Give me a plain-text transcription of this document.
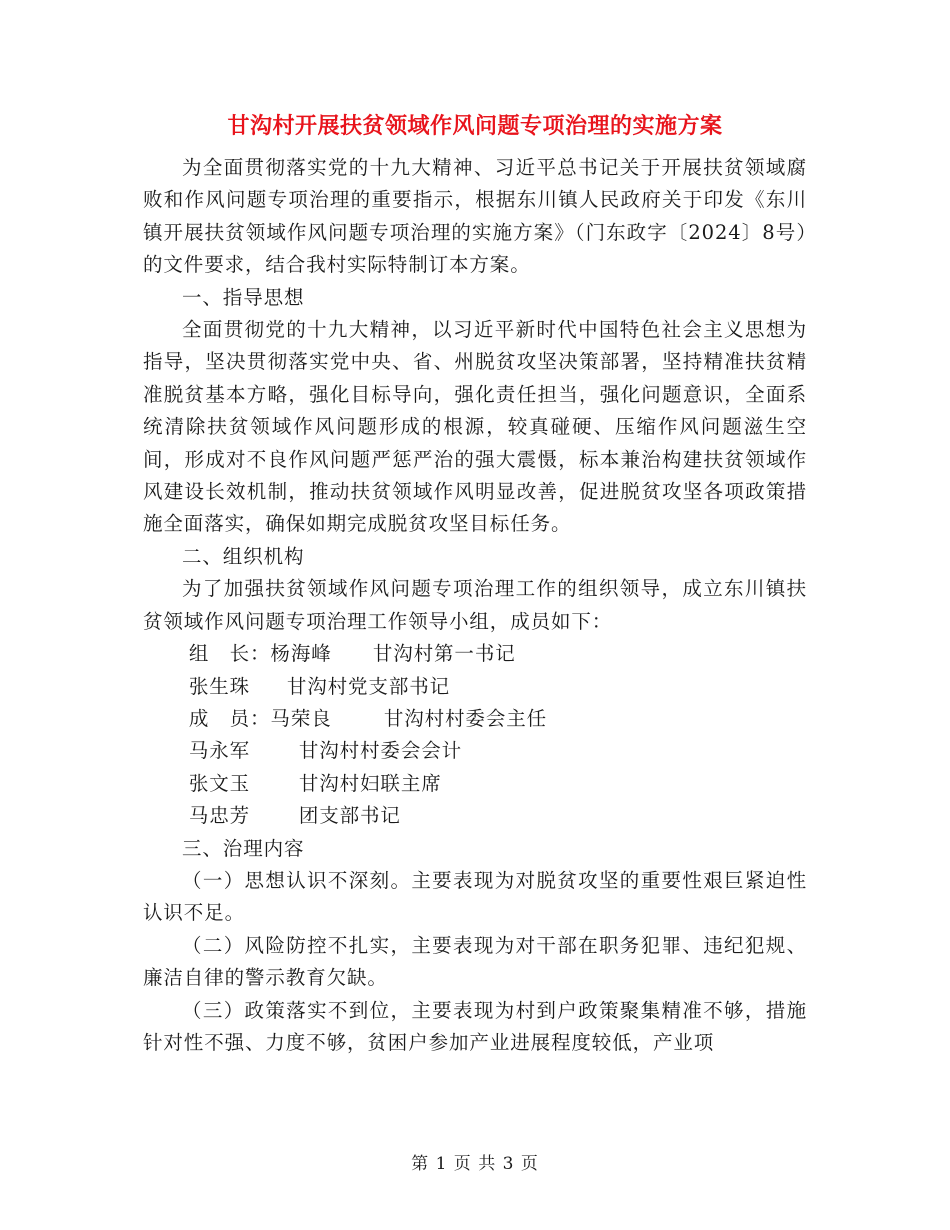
甘沟村开展扶贫领域作风问题专项治理的实施方案

为全面贯彻落实党的十九大精神、习近平总书记关于开展扶贫领域腐败和作风问题专项治理的重要指示，根据东川镇人民政府关于印发《东川镇开展扶贫领域作风问题专项治理的实施方案》（门东政字〔2024〕8号）的文件要求，结合我村实际特制订本方案。

一、指导思想

全面贯彻党的十九大精神，以习近平新时代中国特色社会主义思想为指导，坚决贯彻落实党中央、省、州脱贫攻坚决策部署，坚持精准扶贫精准脱贫基本方略，强化目标导向，强化责任担当，强化问题意识，全面系统清除扶贫领域作风问题形成的根源，较真碰硬、压缩作风问题滋生空间，形成对不良作风问题严惩严治的强大震慑，标本兼治构建扶贫领域作风建设长效机制，推动扶贫领域作风明显改善，促进脱贫攻坚各项政策措施全面落实，确保如期完成脱贫攻坚目标任务。

二、组织机构

为了加强扶贫领域作风问题专项治理工作的组织领导，成立东川镇扶贫领域作风问题专项治理工作领导小组，成员如下：

组　长：杨海峰 甘沟村第一书记
张生珠 甘沟村党支部书记
成　员：马荣良	甘沟村村委会主任
马永军	甘沟村村委会会计
张文玉	甘沟村妇联主席
马忠芳	团支部书记

三、治理内容

（一）思想认识不深刻。主要表现为对脱贫攻坚的重要性艰巨紧迫性认识不足。

（二）风险防控不扎实，主要表现为对干部在职务犯罪、违纪犯规、廉洁自律的警示教育欠缺。

（三）政策落实不到位，主要表现为村到户政策聚集精准不够，措施针对性不强、力度不够，贫困户参加产业进展程度较低，产业项

第 1 页 共 3 页
